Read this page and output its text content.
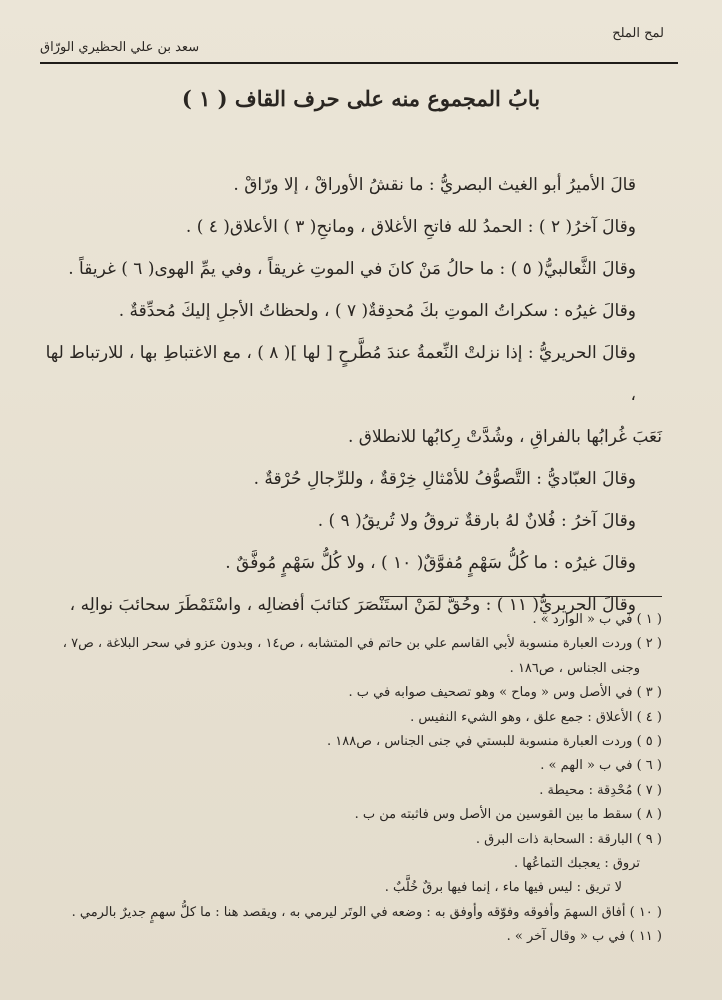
لمح الملح
سعد بن علي الحظيري الورّاق
بابُ المجموع منه على حرف القاف ( ١ )

قالَ الأميرُ أبو الغيث البصريُّ : ما نقشُ الأوراقْ ، إلا ورّاقْ .

وقالَ آخرُ( ٢ ) : الحمدُ لله فاتحِ الأغلاق ، ومانحِ( ٣ ) الأعلاق( ٤ ) .

وقالَ الثَّعالبيُّ( ٥ ) : ما حالُ مَنْ كانَ في الموتِ غريقاً ، وفي يمِّ الهوى( ٦ ) غريقاً .

وقالَ غيرُه : سكراتُ الموتِ بكَ مُحدِقةٌ( ٧ ) ، ولحظاتُ الأجلِ إليكَ مُحدِّقةٌ .

وقالَ الحريريُّ : إذا نزلتْ النِّعمةُ عندَ مُطَّرحٍ [ لها ]( ٨ ) ، مع الاغتباطِ بها ، للارتباط لها ،

نَعَبَ غُرابُها بالفراقِ ، وشُدَّتْ رِكابُها للانطلاق .

وقالَ العبّاديُّ : التَّصوُّفُ للأمْثالِ خِرْقةٌ ، وللرِّجالِ حُرْقةٌ .

وقالَ آخرُ : فُلانٌ لهُ بارقةٌ تروقُ ولا تُريقُ( ٩ ) .

وقالَ غيرُه : ما كُلُّ سَهْمٍ مُفوَّقٌ( ١٠ ) ، ولا كُلُّ سَهْمٍ مُوفَّقٌ .

وقالَ الحريريُّ( ١١ ) : وحُقَّ لمَنْ استَنْصَرَ كتائبَ أفضالِه ، واسْتَمْطَرَ سحائبَ نوالِه ،

( ١ ) في ب « الوارد » .

( ٢ ) وردت العبارة منسوبة لأبي القاسم علي بن حاتم في المتشابه ، ص١٤ ، وبدون عزو في سحر البلاغة ، ص٧ ،

وجنى الجناس ، ص١٨٦ .

( ٣ ) في الأصل وس « وماح » وهو تصحيف صوابه في ب .

( ٤ ) الأعلاق : جمع علق ، وهو الشيء النفيس .

( ٥ ) وردت العبارة منسوبة للبستي في جنى الجناس ، ص١٨٨ .

( ٦ ) في ب « الهم » .

( ٧ ) مُحْدِقة : محيطة .

( ٨ ) سقط ما بين القوسين من الأصل وس فاثبته من ب .

( ٩ ) البارقة : السحابة ذات البرق .

تروق : يعجبك التماعُها .

لا تريق : ليس فيها ماء ، إنما فيها برقٌ خُلَّبٌ .

( ١٠ ) أفاق السهمَ وأفوقه وفوّقه وأوفق به : وضعه في الوتَر ليرمي به ، ويقصد هنا : ما كلُّ سهمٍ جديرٌ بالرمي .

( ١١ ) في ب « وقال آخر » .
